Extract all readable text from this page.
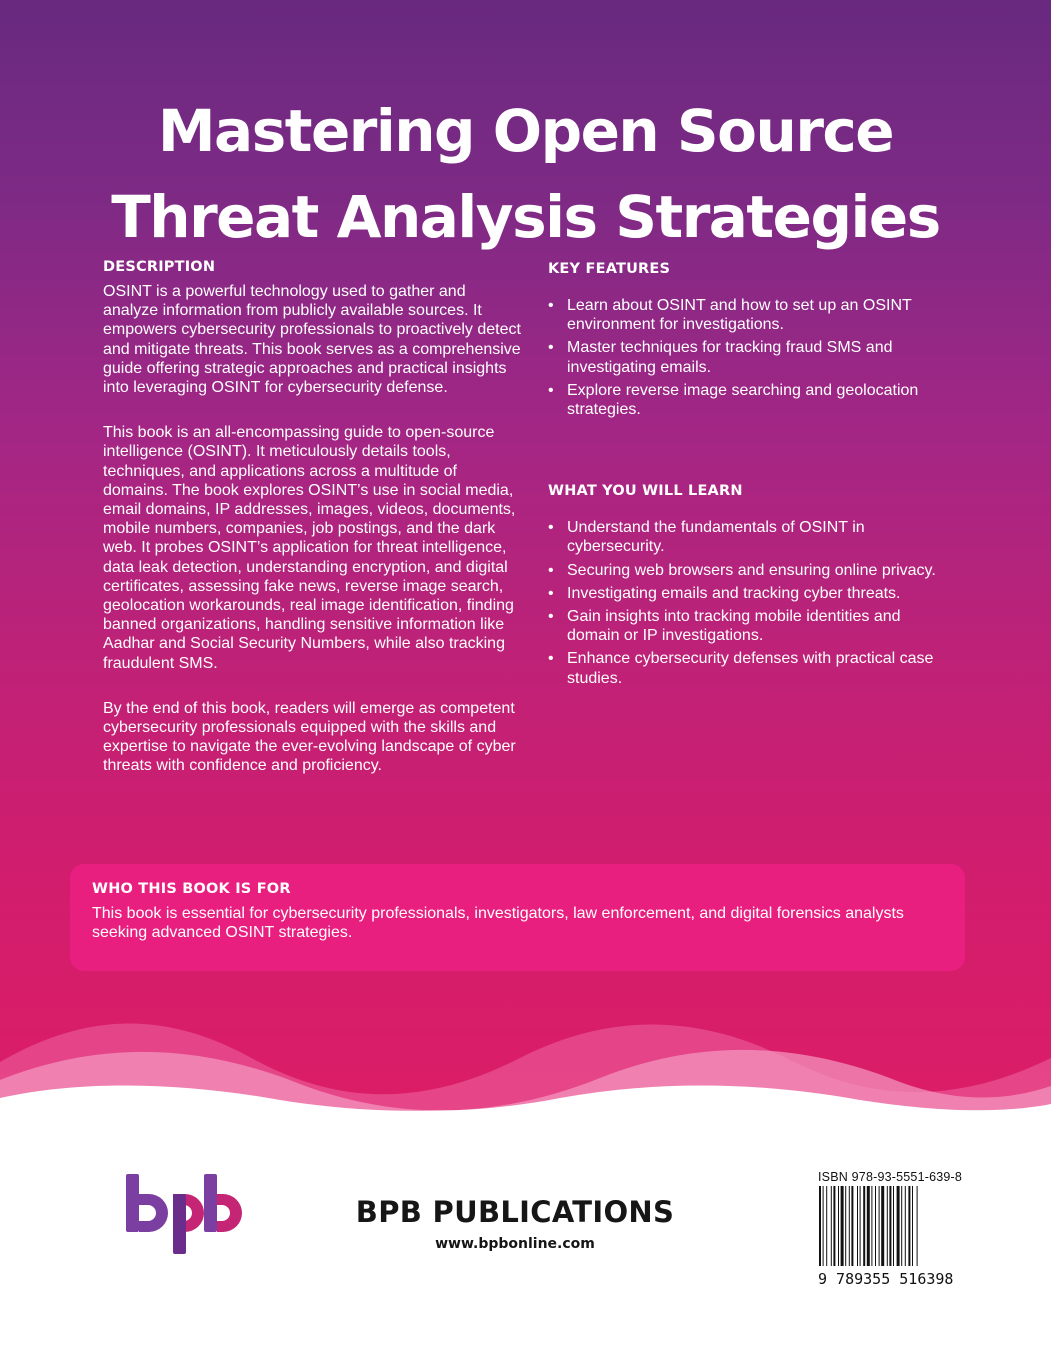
Mastering Open Source
Threat Analysis Strategies
DESCRIPTION

OSINT is a powerful technology used to gather and analyze information from publicly available sources. It empowers cybersecurity professionals to proactively detect and mitigate threats. This book serves as a comprehensive guide offering strategic approaches and practical insights into leveraging OSINT for cybersecurity defense.

This book is an all-encompassing guide to open-source intelligence (OSINT). It meticulously details tools, techniques, and applications across a multitude of domains. The book explores OSINT’s use in social media, email domains, IP addresses, images, videos, documents, mobile numbers, companies, job postings, and the dark web. It probes OSINT’s application for threat intelligence, data leak detection, understanding encryption, and digital certificates, assessing fake news, reverse image search, geolocation workarounds, real image identification, finding banned organizations, handling sensitive information like Aadhar and Social Security Numbers, while also tracking fraudulent SMS.

By the end of this book, readers will emerge as competent cybersecurity professionals equipped with the skills and expertise to navigate the ever-evolving landscape of cyber threats with confidence and proficiency.

KEY FEATURES
• Learn about OSINT and how to set up an OSINT environment for investigations.
• Master techniques for tracking fraud SMS and investigating emails.
• Explore reverse image searching and geolocation strategies.
WHAT YOU WILL LEARN
• Understand the fundamentals of OSINT in cybersecurity.
• Securing web browsers and ensuring online privacy.
• Investigating emails and tracking cyber threats.
• Gain insights into tracking mobile identities and domain or IP investigations.
• Enhance cybersecurity defenses with practical case studies.
WHO THIS BOOK IS FOR

This book is essential for cybersecurity professionals, investigators, law enforcement, and digital forensics analysts seeking advanced OSINT strategies.

BPB PUBLICATIONS
www.bpbonline.com
ISBN 978-93-5551-639-8
9 789355 516398
